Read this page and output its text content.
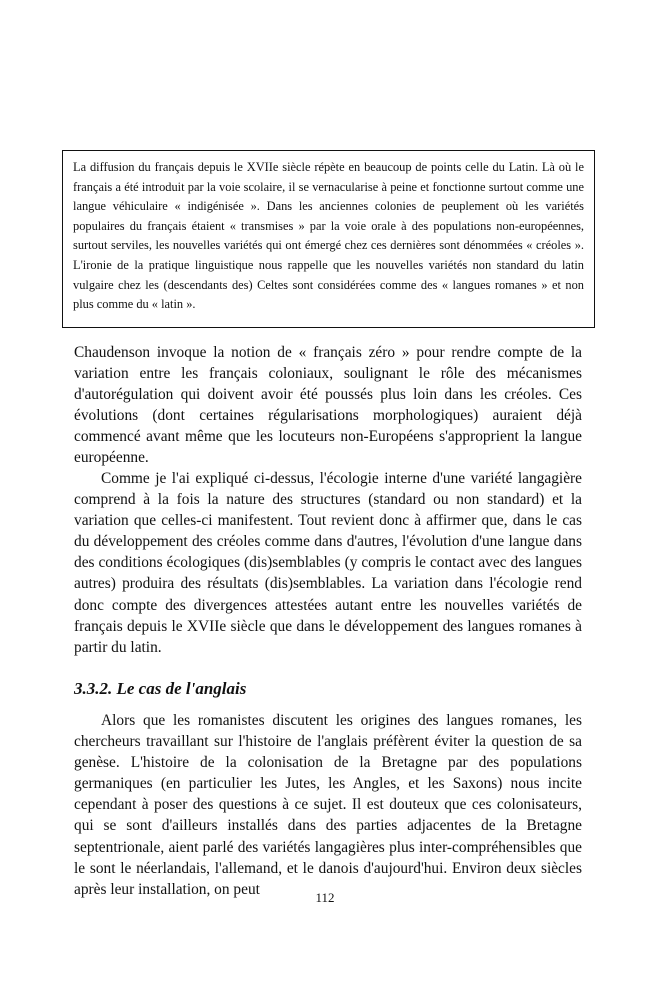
La diffusion du français depuis le XVIIe siècle répète en beaucoup de points celle du Latin. Là où le français a été introduit par la voie scolaire, il se vernacularise à peine et fonctionne surtout comme une langue véhiculaire « indigénisée ». Dans les anciennes colonies de peuplement où les variétés populaires du français étaient « transmises » par la voie orale à des populations non-européennes, surtout serviles, les nouvelles variétés qui ont émergé chez ces dernières sont dénommées « créoles ». L'ironie de la pratique linguistique nous rappelle que les nouvelles variétés non standard du latin vulgaire chez les (descendants des) Celtes sont considérées comme des « langues romanes » et non plus comme du « latin ».

Chaudenson invoque la notion de « français zéro » pour rendre compte de la variation entre les français coloniaux, soulignant le rôle des mécanismes d'autorégulation qui doivent avoir été poussés plus loin dans les créoles. Ces évolutions (dont certaines régularisations morphologiques) auraient déjà commencé avant même que les locuteurs non-Européens s'approprient la langue européenne.

Comme je l'ai expliqué ci-dessus, l'écologie interne d'une variété langagière comprend à la fois la nature des structures (standard ou non standard) et la variation que celles-ci manifestent. Tout revient donc à affirmer que, dans le cas du développement des créoles comme dans d'autres, l'évolution d'une langue dans des conditions écologiques (dis)semblables (y compris le contact avec des langues autres) produira des résultats (dis)semblables. La variation dans l'écologie rend donc compte des divergences attestées autant entre les nouvelles variétés de français depuis le XVIIe siècle que dans le développement des langues romanes à partir du latin.

3.3.2. Le cas de l'anglais

Alors que les romanistes discutent les origines des langues romanes, les chercheurs travaillant sur l'histoire de l'anglais préfèrent éviter la question de sa genèse. L'histoire de la colonisation de la Bretagne par des populations germaniques (en particulier les Jutes, les Angles, et les Saxons) nous incite cependant à poser des questions à ce sujet. Il est douteux que ces colonisateurs, qui se sont d'ailleurs installés dans des parties adjacentes de la Bretagne septentrionale, aient parlé des variétés langagières plus inter-compréhensibles que le sont le néerlandais, l'allemand, et le danois d'aujourd'hui. Environ deux siècles après leur installation, on peut	112
